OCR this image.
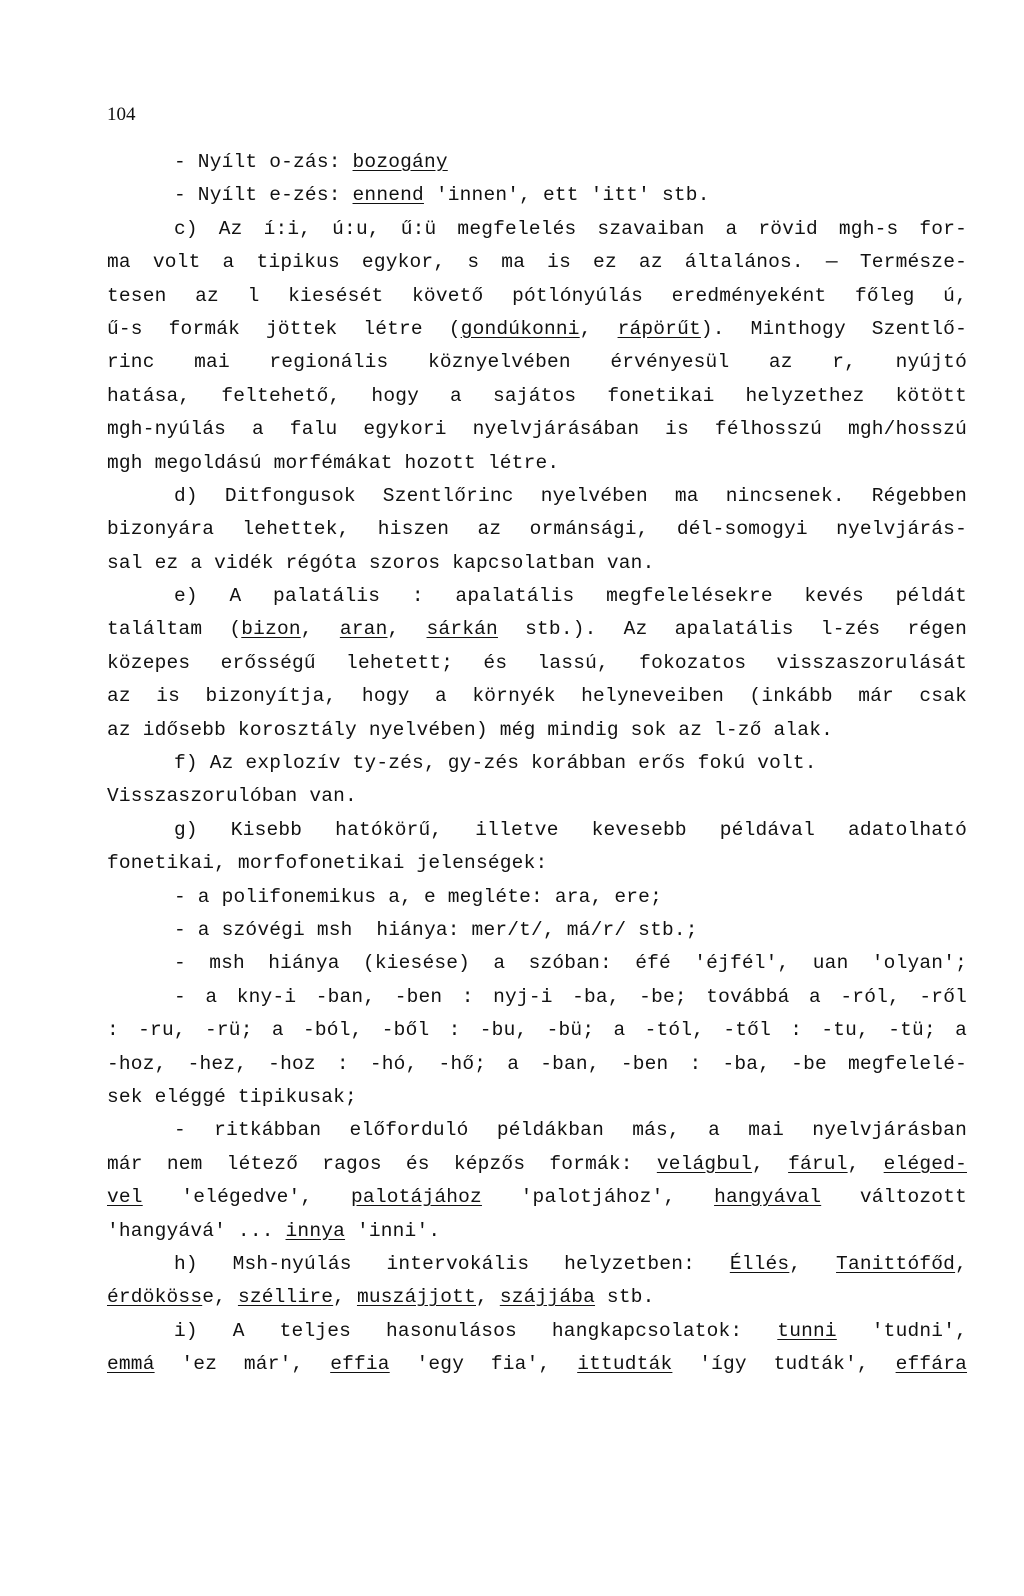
104
- Nyílt o-zás: bozogány
- Nyílt e-zés: ennend 'innen', ett 'itt' stb.
c) Az í:i, ú:u, ű:ü megfelelés szavaiban a rövid mgh-s for-
ma volt a tipikus egykor, s ma is ez az általános. — Természe-
tesen az l kiesését követő pótlónyúlás eredményeként főleg ú,
ű-s formák jöttek létre (gondúkonni, rápörűt). Minthogy Szentlő-
rinc mai regionális köznyelvében érvényesül az r, nyújtó
hatása, feltehető, hogy a sajátos fonetikai helyzethez kötött
mgh-nyúlás a falu egykori nyelvjárásában is félhosszú mgh/hosszú
mgh megoldású morfémákat hozott létre.
d) Ditfongusok Szentlőrinc nyelvében ma nincsenek. Régebben
bizonyára lehettek, hiszen az ormánsági, dél-somogyi nyelvjárás-
sal ez a vidék régóta szoros kapcsolatban van.
e) A palatális : apalatális megfelelésekre kevés példát
találtam (bizon, aran, sárkán stb.). Az apalatális l-zés régen
közepes erősségű lehetett; és lassú, fokozatos visszaszorulását
az is bizonyítja, hogy a környék helyneveiben (inkább már csak
az idősebb korosztály nyelvében) még mindig sok az l-ző alak.
f) Az explozív ty-zés, gy-zés korábban erős fokú volt.
Visszaszorulóban van.
g) Kisebb hatókörű, illetve kevesebb példával adatolható
fonetikai, morfofonetikai jelenségek:
- a polifonemikus a, e meglétе: ara, ere;
- a szóvégi msh  hiánya: mer/t/, má/r/ stb.;
- msh hiánya (kiesése) a szóban: éfé 'éjfél', uan 'olyan';
- a kny-i -ban, -ben : nyj-i -ba, -be; továbbá a -ról, -ről
: -ru, -rü; a -ból, -ből : -bu, -bü; a -tól, -től : -tu, -tü; a
-hoz, -hez, -hoz : -hó, -hő; a -ban, -ben : -ba, -be megfelelé-
sek eléggé tipikusak;
- ritkábban előforduló példákban más, a mai nyelvjárásban
már nem létező ragos és képzős formák: velágbul, fárul, eléged-
vel 'elégedve', palotájához 'palotjához', hangyával változott
'hangyává' ... innya 'inni'.
h) Msh-nyúlás intervokális helyzetben: Éllés, Tanittófőd,
érdökösse, széllire, muszájjott, szájjába stb.
i) A teljes hasonulásos hangkapcsolatok: tunni 'tudni',
emmá 'ez már', effia 'egy fia', ittudták 'így tudták', effára
